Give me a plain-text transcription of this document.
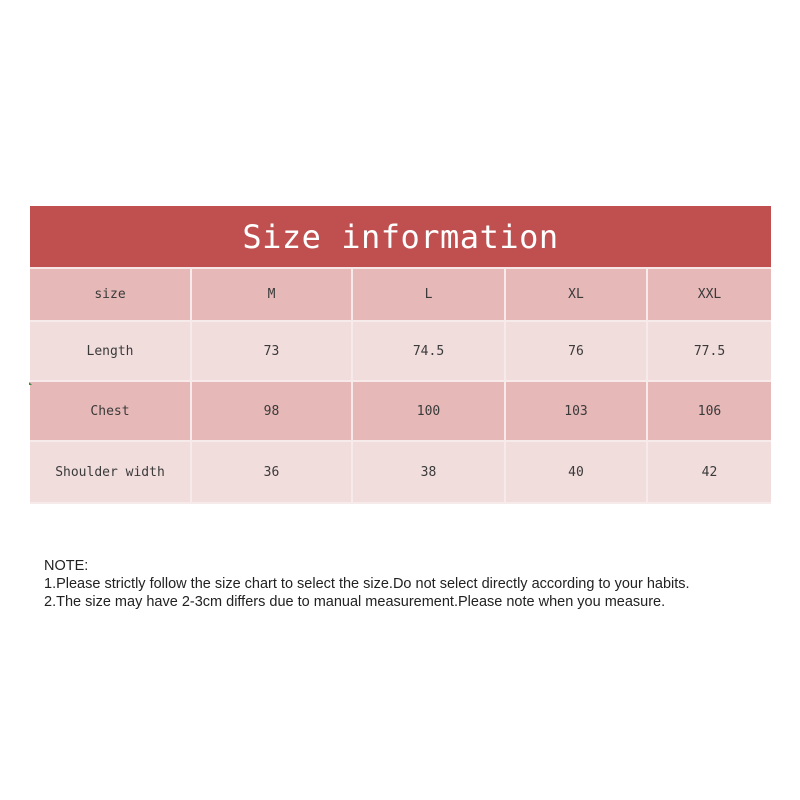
Size information
size	M	L	XL	XXL
Length	73	74.5	76	77.5
Chest	98	100	103	106
Shoulder width	36	38	40	42
NOTE:
1.Please strictly follow the size chart to select the size.Do not select directly according to your habits.
2.The size may have 2-3cm differs due to manual measurement.Please note when you measure.
